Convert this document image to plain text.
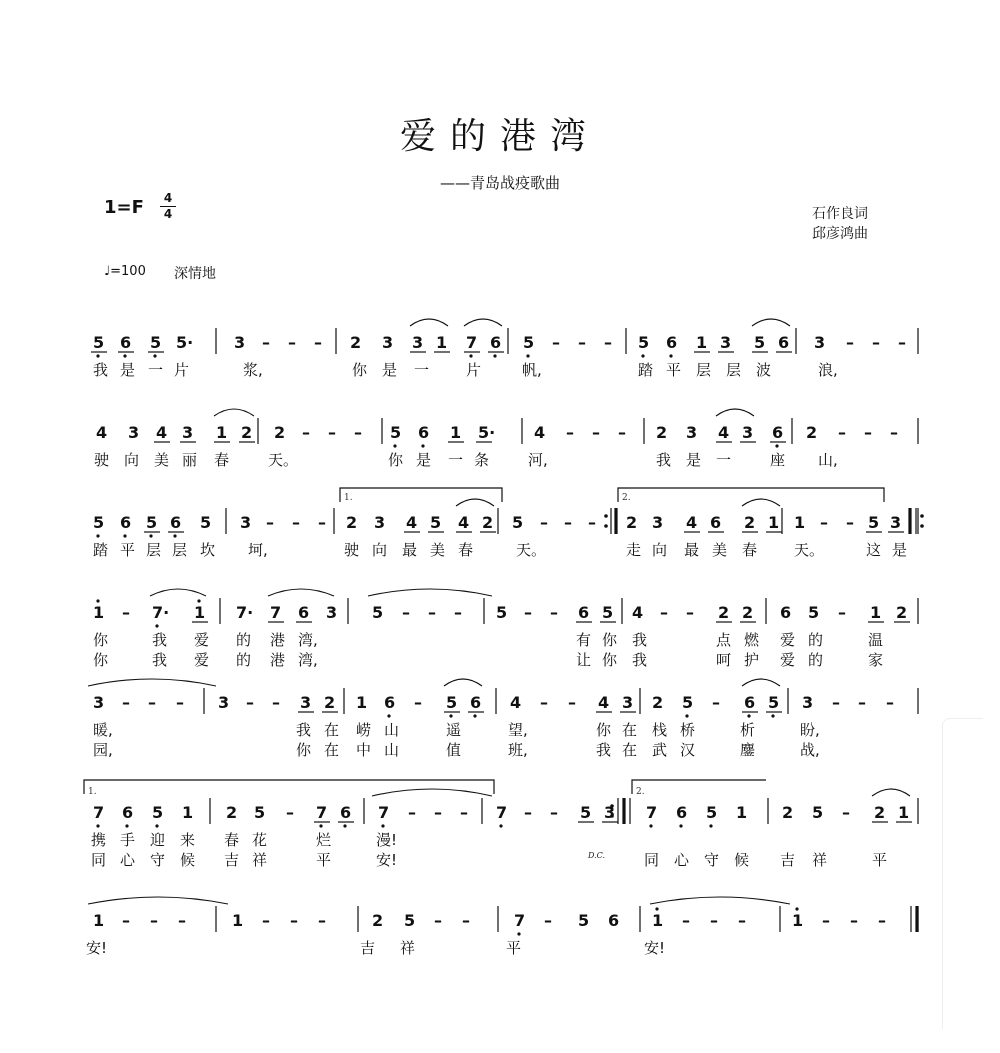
爱的港湾
——青岛战疫歌曲
1=F	4
4
♩=100 深情地
石作良词
邱彦鸿曲
1.	2.
1.	2.
D.C.
5 6 5 5·	3 – – – 2 3 3 1 7 6 5 – – – 5 6 1 3 5 6 3 – – –
4 3 4 3 1 2 2 – – – 5 6 1 5· 4 – – – 2 3 4 3 6 2 – – –
5 6 5 6 5 3 – – – 2 3 4 5 4 2 5 – – – 2 3 4 6 2 1 1 – – 5 3
1 – 7· 1 7· 7 6 3 5 – – – 5 – – 6 5 4 – – 2 2 6 5 – 1 2
3 – – – 3 – – 3 2 1 6 – 5 6 4 – – 4 3 2 5 – 6 5 3 – – –
7 6 5 1 2 5 – 7 6 7 – – – 7 – – 5 3 7 6 5 1 2 5 – 2 1
1 – – –	1 – – –	2 5 – –	7 – 5 6 1 – – –	1 – – –
我 是 一 片	浆,	你 是 一 片	帆,	踏 平 层 层 波	浪,
驶 向 美 丽 春	天。	你 是 一 条	河,	我 是 一	座 山,
踏 平 层 层 坎 坷,	驶 向 最 美 春	天。	走 向 最 美 春 天。	这 是
你	我 爱 的 港 湾,	有 你 我	点 燃 爱 的	温
你	我 爱 的 港 湾,	让 你 我	呵 护 爱 的	家
暖,	我 在 崂 山	遥	望,	你 在 栈 桥	析	盼,
园,	你 在 中 山	值	班,	我 在 武 汉	鏖	战,
携 手 迎 来 春 花	烂	漫!
同 心 守 候 吉 祥	平	安!	同 心 守 候 吉 祥	平
安!	吉 祥	平	安!
